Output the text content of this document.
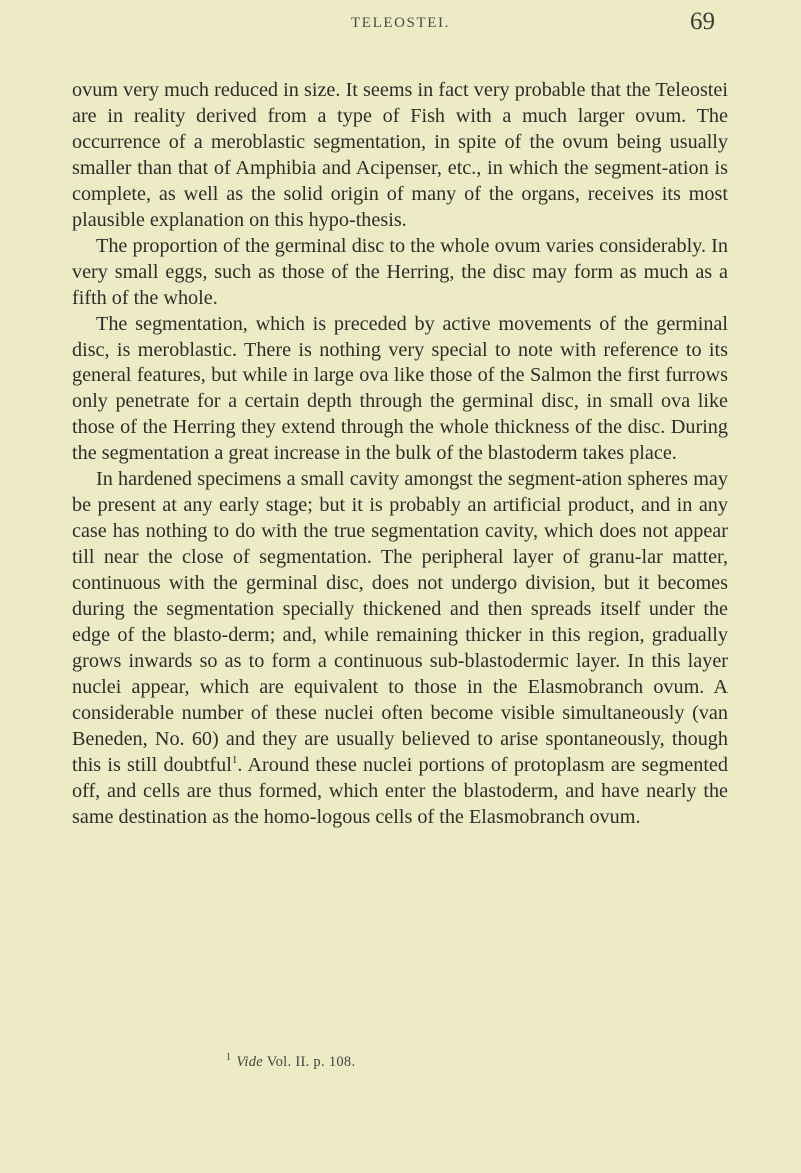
TELEOSTEI.	69

ovum very much reduced in size. It seems in fact very probable that the Teleostei are in reality derived from a type of Fish with a much larger ovum. The occurrence of a meroblastic segmentation, in spite of the ovum being usually smaller than that of Amphibia and Acipenser, etc., in which the segment-ation is complete, as well as the solid origin of many of the organs, receives its most plausible explanation on this hypo-thesis.

The proportion of the germinal disc to the whole ovum varies considerably. In very small eggs, such as those of the Herring, the disc may form as much as a fifth of the whole.

The segmentation, which is preceded by active movements of the germinal disc, is meroblastic. There is nothing very special to note with reference to its general features, but while in large ova like those of the Salmon the first furrows only penetrate for a certain depth through the germinal disc, in small ova like those of the Herring they extend through the whole thickness of the disc. During the segmentation a great increase in the bulk of the blastoderm takes place.

In hardened specimens a small cavity amongst the segment-ation spheres may be present at any early stage; but it is probably an artificial product, and in any case has nothing to do with the true segmentation cavity, which does not appear till near the close of segmentation. The peripheral layer of granu-lar matter, continuous with the germinal disc, does not undergo division, but it becomes during the segmentation specially thickened and then spreads itself under the edge of the blasto-derm; and, while remaining thicker in this region, gradually grows inwards so as to form a continuous sub-blastodermic layer. In this layer nuclei appear, which are equivalent to those in the Elasmobranch ovum. A considerable number of these nuclei often become visible simultaneously (van Beneden, No. 60) and they are usually believed to arise spontaneously, though this is still doubtful$^1$. Around these nuclei portions of protoplasm are segmented off, and cells are thus formed, which enter the blastoderm, and have nearly the same destination as the homo-logous cells of the Elasmobranch ovum.

$^1$ Vide Vol. II. p. 108.
